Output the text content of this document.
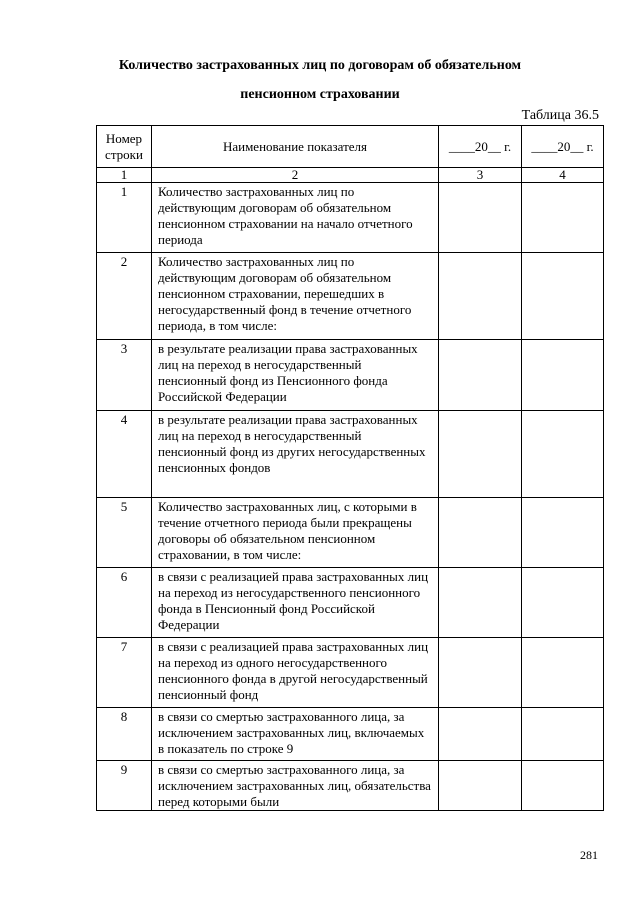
Количество застрахованных лиц по договорам об обязательном
пенсионном страховании
Таблица 36.5
Номер строки	Наименование показателя	____20__ г.	____20__ г.
1	2	3	4
1	Количество застрахованных лиц по действующим договорам об обязательном пенсионном страховании на начало отчетного периода		
2	Количество застрахованных лиц по действующим договорам об обязательном пенсионном страховании, перешедших в негосударственный фонд в течение отчетного периода, в том числе:		
3	в результате реализации права застрахованных лиц на переход в негосударственный пенсионный фонд из Пенсионного фонда Российской Федерации		
4	в результате реализации права застрахованных лиц на переход в негосударственный пенсионный фонд из других негосударственных пенсионных фондов		
5	Количество застрахованных лиц, с которыми в течение отчетного периода были прекращены договоры об обязательном пенсионном страховании, в том числе:		
6	в связи с реализацией права застрахованных лиц на переход из негосударственного пенсионного фонда в Пенсионный фонд Российской Федерации		
7	в связи с реализацией права застрахованных лиц на переход из одного негосударственного пенсионного фонда в другой негосударственный пенсионный фонд		
8	в связи со смертью застрахованного лица, за исключением застрахованных лиц, включаемых в показатель по строке 9		
9	в связи со смертью застрахованного лица, за исключением застрахованных лиц, обязательства перед которыми были		
281
